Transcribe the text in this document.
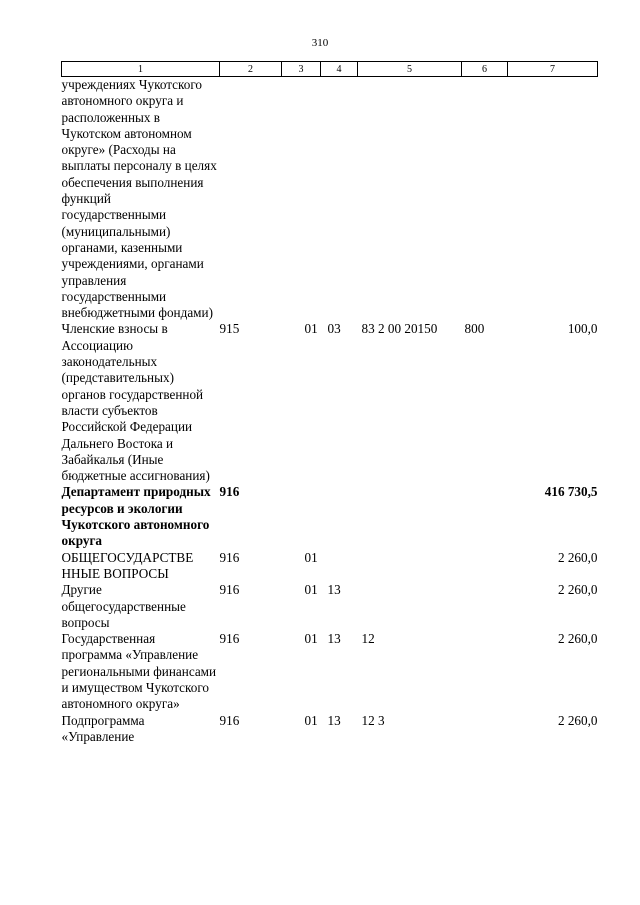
310
1	2	3	4	5	6	7
учреждениях Чукотского автономного округа и расположенных в Чукотском автономном округе» (Расходы на выплаты персоналу в целях обеспечения выполнения функций государственными (муниципальными) органами, казенными учреждениями, органами управления государственными внебюджетными фондами)						
Членские взносы в Ассоциацию законодательных (представительных) органов государственной власти субъектов Российской Федерации Дальнего Востока и Забайкалья (Иные бюджетные ассигнования)	915	01	03	83 2 00 20150	800	100,0
Департамент природных ресурсов и экологии Чукотского автономного округа	916					416 730,5
ОБЩЕГОСУДАРСТВЕ ННЫЕ ВОПРОСЫ	916	01				2 260,0
Другие общегосударственные вопросы	916	01	13			2 260,0
Государственная программа «Управление региональными финансами и имуществом Чукотского автономного округа»	916	01	13	12		2 260,0
Подпрограмма «Управление	916	01	13	12 3		2 260,0
